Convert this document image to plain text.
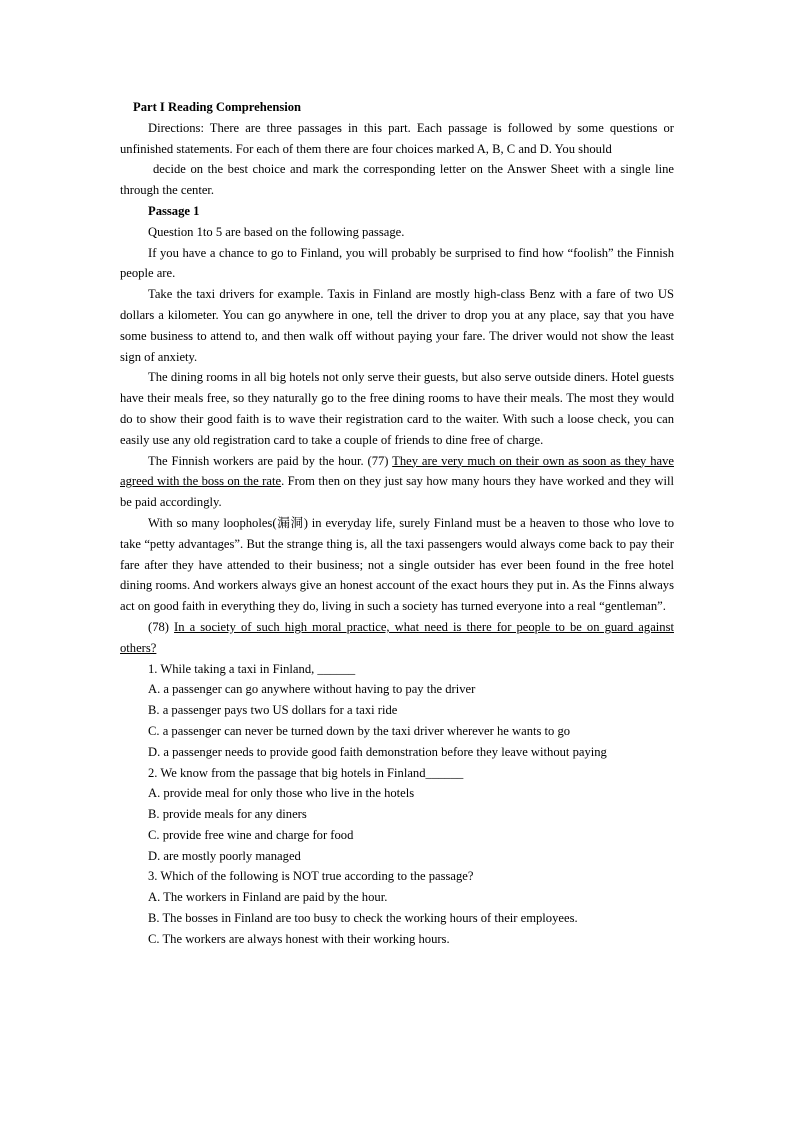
Part I Reading Comprehension

Directions: There are three passages in this part. Each passage is followed by some questions or unfinished statements. For each of them there are four choices marked A, B, C and D. You should

decide on the best choice and mark the corresponding letter on the Answer Sheet with a single line through the center.

Passage 1

Question 1to 5 are based on the following passage.

If you have a chance to go to Finland, you will probably be surprised to find how “foolish” the Finnish people are.

Take the taxi drivers for example. Taxis in Finland are mostly high-class Benz with a fare of two US dollars a kilometer. You can go anywhere in one, tell the driver to drop you at any place, say that you have some business to attend to, and then walk off without paying your fare. The driver would not show the least sign of anxiety.

The dining rooms in all big hotels not only serve their guests, but also serve outside diners. Hotel guests have their meals free, so they naturally go to the free dining rooms to have their meals. The most they would do to show their good faith is to wave their registration card to the waiter. With such a loose check, you can easily use any old registration card to take a couple of friends to dine free of charge.

The Finnish workers are paid by the hour. (77) They are very much on their own as soon as they have agreed with the boss on the rate. From then on they just say how many hours they have worked and they will be paid accordingly.

With so many loopholes(漏洞) in everyday life, surely Finland must be a heaven to those who love to take “petty advantages”. But the strange thing is, all the taxi passengers would always come back to pay their fare after they have attended to their business; not a single outsider has ever been found in the free hotel dining rooms. And workers always give an honest account of the exact hours they put in. As the Finns always act on good faith in everything they do, living in such a society has turned everyone into a real “gentleman”.

(78) In a society of such high moral practice, what need is there for people to be on guard against others?

1. While taking a taxi in Finland, ______

A. a passenger can go anywhere without having to pay the driver

B. a passenger pays two US dollars for a taxi ride

C. a passenger can never be turned down by the taxi driver wherever he wants to go

D. a passenger needs to provide good faith demonstration before they leave without paying

2. We know from the passage that big hotels in Finland______

A. provide meal for only those who live in the hotels

B. provide meals for any diners

C. provide free wine and charge for food

D. are mostly poorly managed

3. Which of the following is NOT true according to the passage?

A. The workers in Finland are paid by the hour.

B. The bosses in Finland are too busy to check the working hours of their employees.

C. The workers are always honest with their working hours.
